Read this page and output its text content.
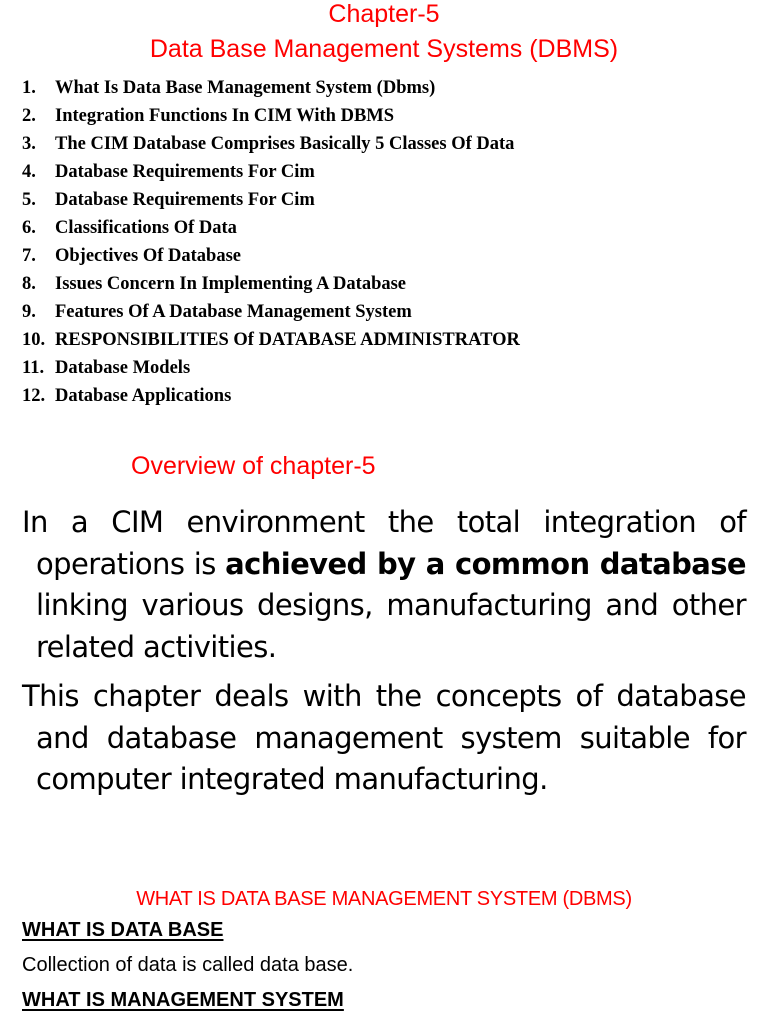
Chapter-5
Data Base Management Systems (DBMS)
1. What Is Data Base Management System (Dbms)
2. Integration Functions In CIM With DBMS
3. The CIM Database Comprises Basically 5 Classes Of Data
4. Database Requirements For Cim
5. Database Requirements For Cim
6. Classifications Of Data
7. Objectives Of Database
8. Issues Concern In Implementing A Database
9. Features Of A Database Management System
10. RESPONSIBILITIES Of DATABASE ADMINISTRATOR
11. Database Models
12. Database Applications
Overview of chapter-5

In a CIM environment the total integration of operations is achieved by a common database linking various designs, manufacturing and other related activities.

This chapter deals with the concepts of database and database management system suitable for computer integrated manufacturing.

WHAT IS DATA BASE MANAGEMENT SYSTEM (DBMS)
WHAT IS DATA BASE

Collection of data is called data base.

WHAT IS MANAGEMENT SYSTEM
